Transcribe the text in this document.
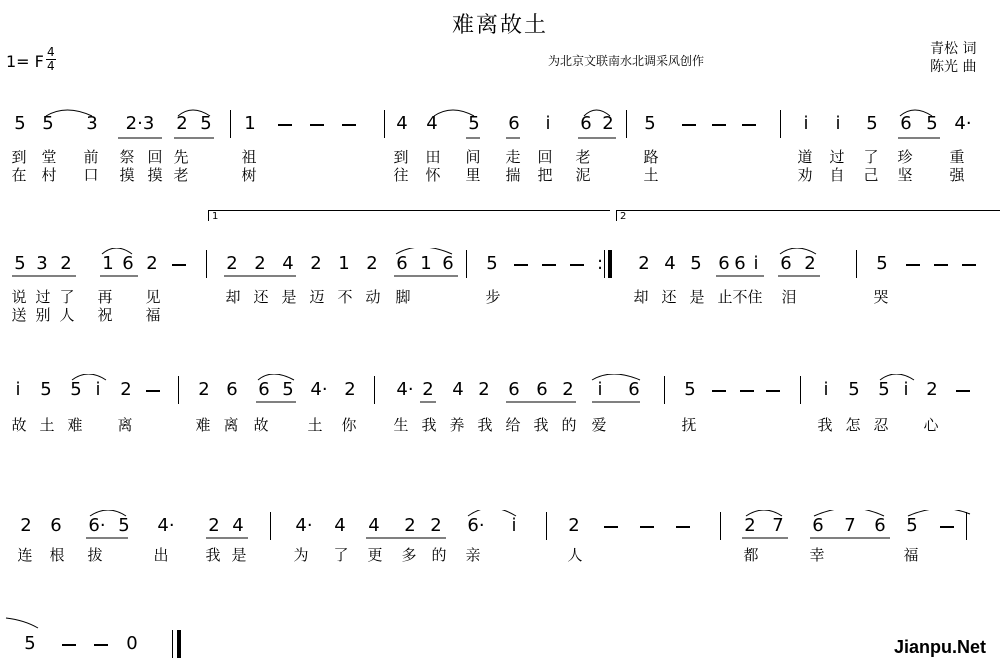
难离故土
1= F $\frac{4}{4}$	为北京文联南水北调采风创作
青松 词
陈光 曲
5 5 3	2·3	2 5 1	4 4 5 6	i	6 2 5	i	i	5 6 5 4·
到 堂 前 祭 回 先	祖	到 田 间 走 回 老	路	道 过 了 珍 重
在 村 口 摸 摸 老	树	往 怀 里 揣 把 泥	土	劝 自 己 坚 强
1	2
5 3 2 1 6 2	2 2 4 2 1 2 6 1 6 5	: 2 4 5 6 6 i	6 2	5
说 过 了 再 见	却 还 是 迈 不 动 脚	步	却 还 是 止不住 泪	哭
送 别 人 祝 福
i	5 5 i	2	2 6 6 5 4· 2 4· 2 4 2 6 6 2	i	6 5	i	5 5 i 2
故 土 难 离	难 离 故	土 你 生 我 养 我 给 我 的 爱	抚	我 怎 忍 心
2 6 6· 5 4· 2 4	4· 4 4 2 2 6·	i	2	2 7 6 7 6 5
连 根 拔	出 我 是	为 了 更 多 的 亲	人	都	幸	福
5	0	Jianpu.Net
